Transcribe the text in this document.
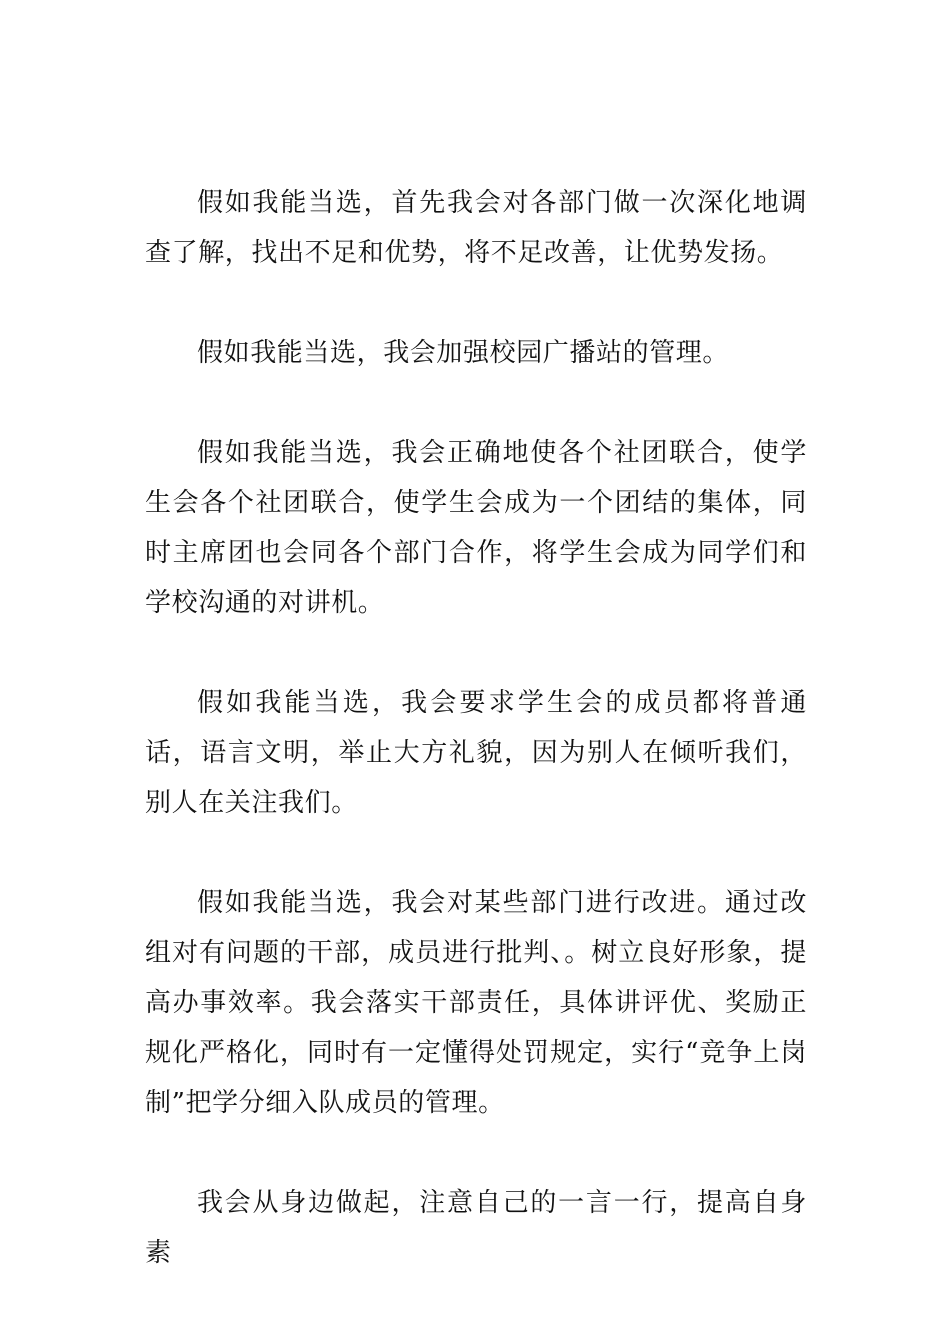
假如我能当选，首先我会对各部门做一次深化地调查了解，找出不足和优势，将不足改善，让优势发扬。

假如我能当选，我会加强校园广播站的管理。

假如我能当选，我会正确地使各个社团联合，使学生会各个社团联合，使学生会成为一个团结的集体，同时主席团也会同各个部门合作，将学生会成为同学们和学校沟通的对讲机。

假如我能当选，我会要求学生会的成员都将普通话，语言文明，举止大方礼貌，因为别人在倾听我们，别人在关注我们。

假如我能当选，我会对某些部门进行改进。通过改组对有问题的干部，成员进行批判、。树立良好形象，提高办事效率。我会落实干部责任，具体讲评优、奖励正规化严格化，同时有一定懂得处罚规定，实行“竞争上岗制”把学分细入队成员的管理。

我会从身边做起，注意自己的一言一行，提高自身素
